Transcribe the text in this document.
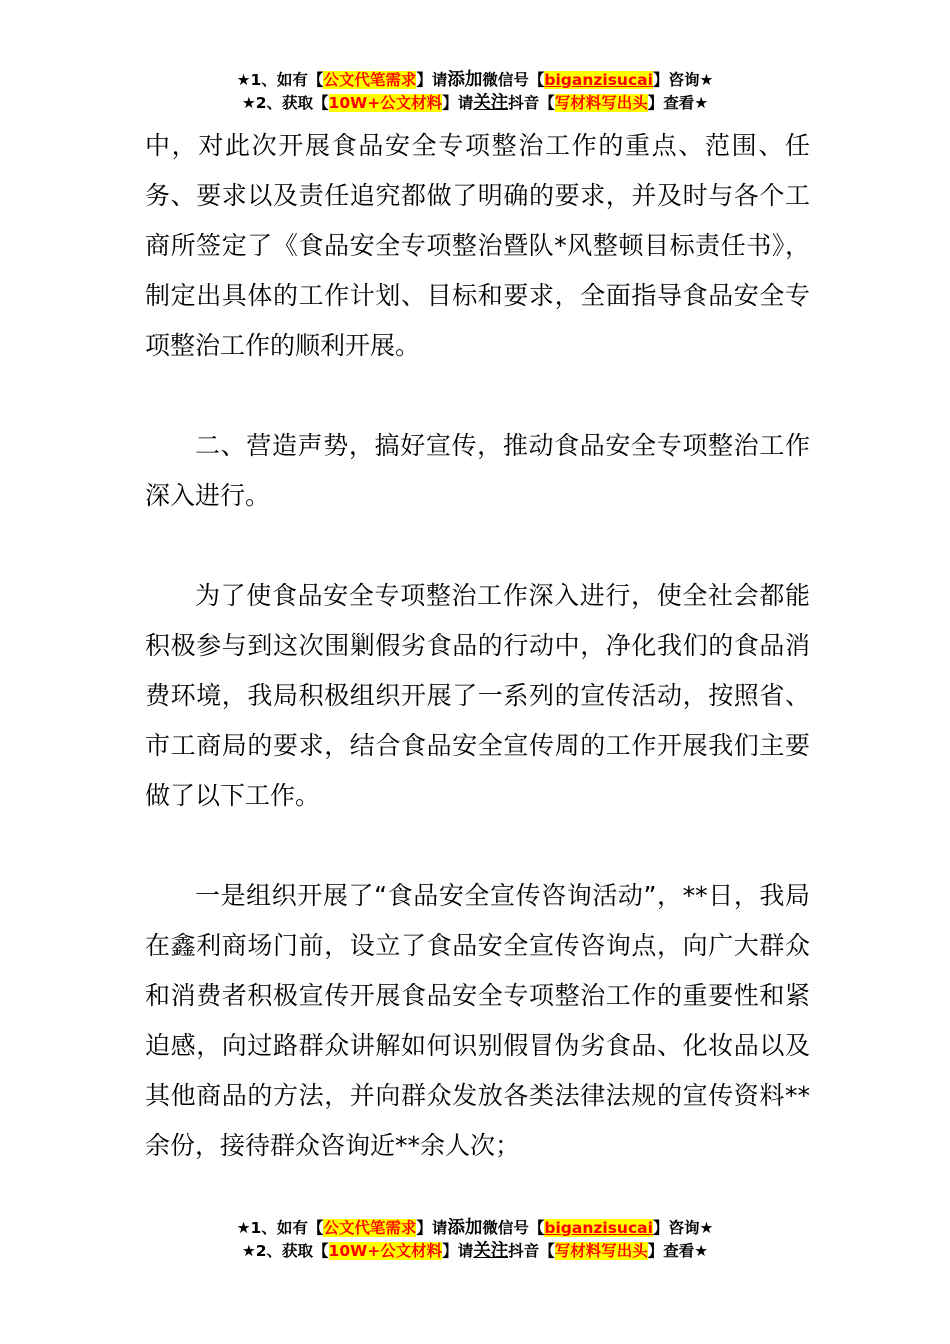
★1、如有【公文代笔需求】请添加微信号【biganzisucai】咨询★
★2、获取【10W+公文材料】请关注抖音【写材料写出头】查看★

中，对此次开展食品安全专项整治工作的重点、范围、任务、要求以及责任追究都做了明确的要求，并及时与各个工商所签定了《食品安全专项整治暨队*风整顿目标责任书》，制定出具体的工作计划、目标和要求，全面指导食品安全专项整治工作的顺利开展。

二、营造声势，搞好宣传，推动食品安全专项整治工作深入进行。

为了使食品安全专项整治工作深入进行，使全社会都能积极参与到这次围剿假劣食品的行动中，净化我们的食品消费环境，我局积极组织开展了一系列的宣传活动，按照省、市工商局的要求，结合食品安全宣传周的工作开展我们主要做了以下工作。

一是组织开展了“食品安全宣传咨询活动”，**日，我局在鑫利商场门前，设立了食品安全宣传咨询点，向广大群众和消费者积极宣传开展食品安全专项整治工作的重要性和紧迫感，向过路群众讲解如何识别假冒伪劣食品、化妆品以及其他商品的方法，并向群众发放各类法律法规的宣传资料**余份，接待群众咨询近**余人次；

★1、如有【公文代笔需求】请添加微信号【biganzisucai】咨询★
★2、获取【10W+公文材料】请关注抖音【写材料写出头】查看★
